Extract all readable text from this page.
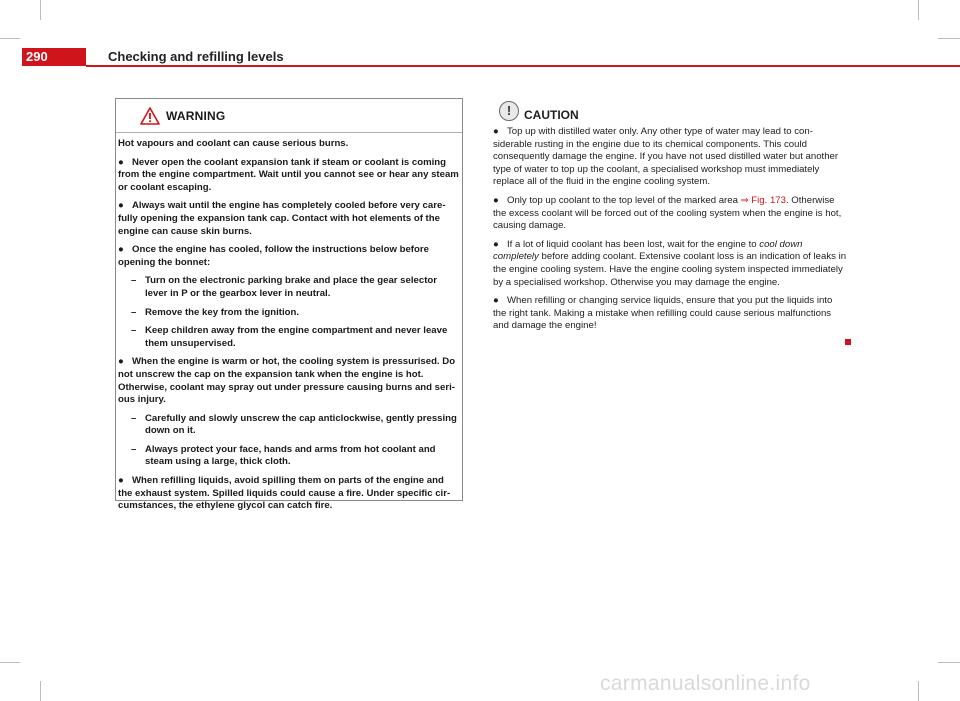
290	Checking and refilling levels
WARNING

Hot vapours and coolant can cause serious burns.

● Never open the coolant expansion tank if steam or coolant is coming from the engine compartment. Wait until you cannot see or hear any steam or coolant escaping.

● Always wait until the engine has completely cooled before very carefully opening the expansion tank cap. Contact with hot elements of the engine can cause skin burns.

● Once the engine has cooled, follow the instructions below before opening the bonnet:

– Turn on the electronic parking brake and place the gear selector lever in P or the gearbox lever in neutral.

– Remove the key from the ignition.

– Keep children away from the engine compartment and never leave them unsupervised.

● When the engine is warm or hot, the cooling system is pressurised. Do not unscrew the cap on the expansion tank when the engine is hot. Otherwise, coolant may spray out under pressure causing burns and serious injury.

– Carefully and slowly unscrew the cap anticlockwise, gently pressing down on it.

– Always protect your face, hands and arms from hot coolant and steam using a large, thick cloth.

● When refilling liquids, avoid spilling them on parts of the engine and the exhaust system. Spilled liquids could cause a fire. Under specific circumstances, the ethylene glycol can catch fire.

!	CAUTION

● Top up with distilled water only. Any other type of water may lead to considerable rusting in the engine due to its chemical components. This could consequently damage the engine. If you have not used distilled water but another type of water to top up the coolant, a specialised workshop must immediately replace all of the fluid in the engine cooling system.

● Only top up coolant to the top level of the marked area ⇒ Fig. 173. Otherwise the excess coolant will be forced out of the cooling system when the engine is hot, causing damage.

● If a lot of liquid coolant has been lost, wait for the engine to cool down completely before adding coolant. Extensive coolant loss is an indication of leaks in the engine cooling system. Have the engine cooling system inspected immediately by a specialised workshop. Otherwise you may damage the engine.

● When refilling or changing service liquids, ensure that you put the liquids into the right tank. Making a mistake when refilling could cause serious malfunctions and damage the engine!

carmanualsonline.info
